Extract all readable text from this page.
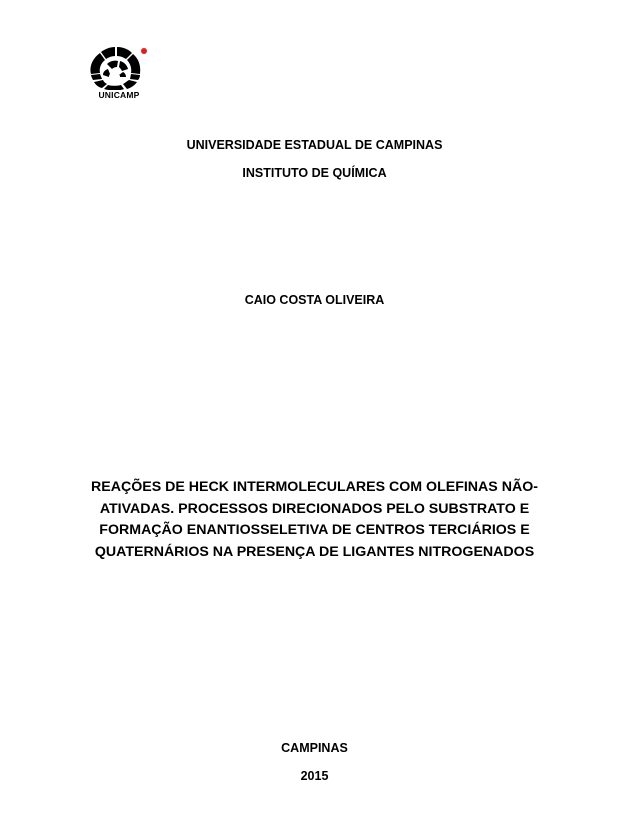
UNICAMP
UNIVERSIDADE ESTADUAL DE CAMPINAS
INSTITUTO DE QUÍMICA
CAIO COSTA OLIVEIRA
REAÇÕES DE HECK INTERMOLECULARES COM OLEFINAS NÃO-
ATIVADAS. PROCESSOS DIRECIONADOS PELO SUBSTRATO E
FORMAÇÃO ENANTIOSSELETIVA DE CENTROS TERCIÁRIOS E
QUATERNÁRIOS NA PRESENÇA DE LIGANTES NITROGENADOS
CAMPINAS
2015
